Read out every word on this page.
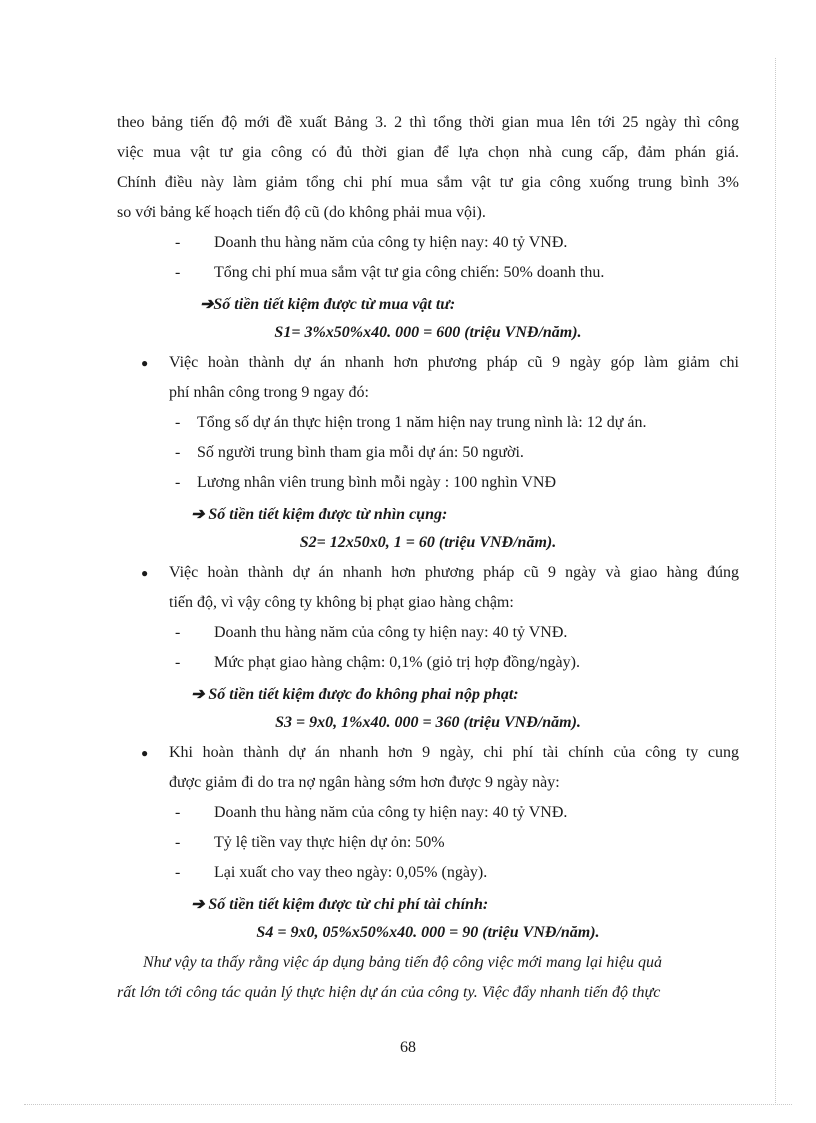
theo bảng tiến độ mới đề xuất Bảng 3. 2 thì tổng thời gian mua lên tới 25 ngày thì công
việc mua vật tư gia công có đủ thời gian để lựa chọn nhà cung cấp, đảm phán giá.
Chính điều này làm giảm tổng chi phí mua sắm vật tư gia công xuống trung bình 3%
so với bảng kế hoạch tiến độ cũ (do không phải mua vội).
- Doanh thu hàng năm của công ty hiện nay: 40 tỷ VNĐ.
- Tổng chi phí mua sắm vật tư gia công chiến: 50% doanh thu.
➔Số tiền tiết kiệm được từ mua vật tư:
S1= 3%x50%x40. 000 = 600 (triệu VNĐ/năm).
● Việc hoàn thành dự án nhanh hơn phương pháp cũ 9 ngày góp làm giảm chi
phí nhân công trong 9 ngay đó:
- Tổng số dự án thực hiện trong 1 năm hiện nay trung nình là: 12 dự án.
- Số người trung bình tham gia mỗi dự án: 50 người.
- Lương nhân viên trung bình mỗi ngày : 100 nghìn VNĐ
➔ Số tiền tiết kiệm được từ nhìn cụng:
S2= 12x50x0, 1 = 60 (triệu VNĐ/năm).
● Việc hoàn thành dự án nhanh hơn phương pháp cũ 9 ngày và giao hàng đúng
tiến độ, vì vậy công ty không bị phạt giao hàng chậm:
- Doanh thu hàng năm của công ty hiện nay: 40 tỷ VNĐ.
- Mức phạt giao hàng chậm: 0,1% (giỏ trị hợp đồng/ngày).
➔ Số tiền tiết kiệm được đo không phai nộp phạt:
S3 = 9x0, 1%x40. 000 = 360 (triệu VNĐ/năm).
● Khi hoàn thành dự án nhanh hơn 9 ngày, chi phí tài chính của công ty cung
được giảm đi do tra nợ ngân hàng sớm hơn được 9 ngày này:
- Doanh thu hàng năm của công ty hiện nay: 40 tỷ VNĐ.
- Tỷ lệ tiền vay thực hiện dự ỏn: 50%
- Lại xuất cho vay theo ngày: 0,05% (ngày).
➔ Số tiền tiết kiệm được từ chi phí tài chính:
S4 = 9x0, 05%x50%x40. 000 = 90 (triệu VNĐ/năm).
Như vậy ta thấy rằng việc áp dụng bảng tiến độ công việc mới mang lại hiệu quả
rất lớn tới công tác quản lý thực hiện dự án của công ty. Việc đẩy nhanh tiến độ thực
68
